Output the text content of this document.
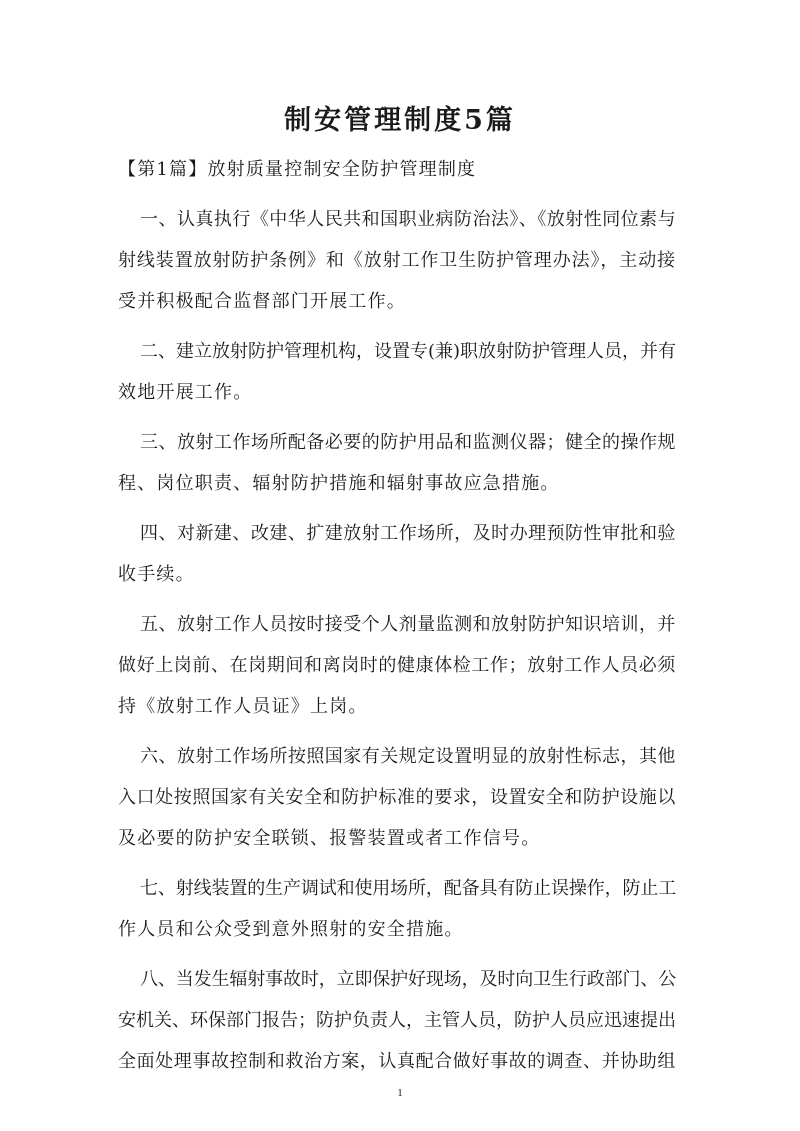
制安管理制度5篇
【第1篇】放射质量控制安全防护管理制度
一、认真执行《中华人民共和国职业病防治法》、《放射性同位素与
射线装置放射防护条例》和《放射工作卫生防护管理办法》，主动接
受并积极配合监督部门开展工作。
二、建立放射防护管理机构，设置专(兼)职放射防护管理人员，并有
效地开展工作。
三、放射工作场所配备必要的防护用品和监测仪器；健全的操作规
程、岗位职责、辐射防护措施和辐射事故应急措施。
四、对新建、改建、扩建放射工作场所，及时办理预防性审批和验
收手续。
五、放射工作人员按时接受个人剂量监测和放射防护知识培训，并
做好上岗前、在岗期间和离岗时的健康体检工作；放射工作人员必须
持《放射工作人员证》上岗。
六、放射工作场所按照国家有关规定设置明显的放射性标志，其他
入口处按照国家有关安全和防护标准的要求，设置安全和防护设施以
及必要的防护安全联锁、报警装置或者工作信号。
七、射线装置的生产调试和使用场所，配备具有防止误操作，防止工
作人员和公众受到意外照射的安全措施。
八、当发生辐射事故时，立即保护好现场，及时向卫生行政部门、公
安机关、环保部门报告；防护负责人，主管人员，防护人员应迅速提出
全面处理事故控制和救治方案，认真配合做好事故的调查、并协助组
1
